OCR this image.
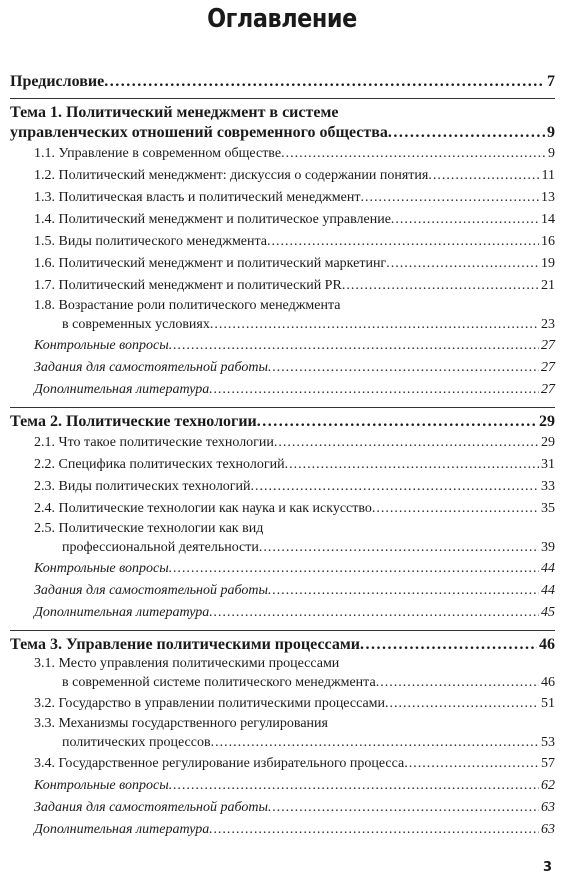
Оглавление
Предисловие .....	7
Тема 1. Политический менеджмент в системе
управленческих отношений современного общества .....	9
1.1. Управление в современном обществе .....	9
1.2. Политический менеджмент: дискуссия о содержании понятия .....	11
1.3. Политическая власть и политический менеджмент .....	13
1.4. Политический менеджмент и политическое управление .....	14
1.5. Виды политического менеджмента .....	16
1.6. Политический менеджмент и политический маркетинг .....	19
1.7. Политический менеджмент и политический PR .....	21
1.8. Возрастание роли политического менеджмента
в современных условиях .....	23
Контрольные вопросы .....	27
Задания для самостоятельной работы .....	27
Дополнительная литература .....	27
Тема 2. Политические технологии .....	29
2.1. Что такое политические технологии .....	29
2.2. Специфика политических технологий .....	31
2.3. Виды политических технологий .....	33
2.4. Политические технологии как наука и как искусство .....	35
2.5. Политические технологии как вид
профессиональной деятельности .....	39
Контрольные вопросы .....	44
Задания для самостоятельной работы .....	44
Дополнительная литература .....	45
Тема 3. Управление политическими процессами .....	46
3.1. Место управления политическими процессами
в современной системе политического менеджмента .....	46
3.2. Государство в управлении политическими процессами .....	51
3.3. Механизмы государственного регулирования
политических процессов .....	53
3.4. Государственное регулирование избирательного процесса .....	57
Контрольные вопросы .....	62
Задания для самостоятельной работы .....	63
Дополнительная литература .....	63
3
